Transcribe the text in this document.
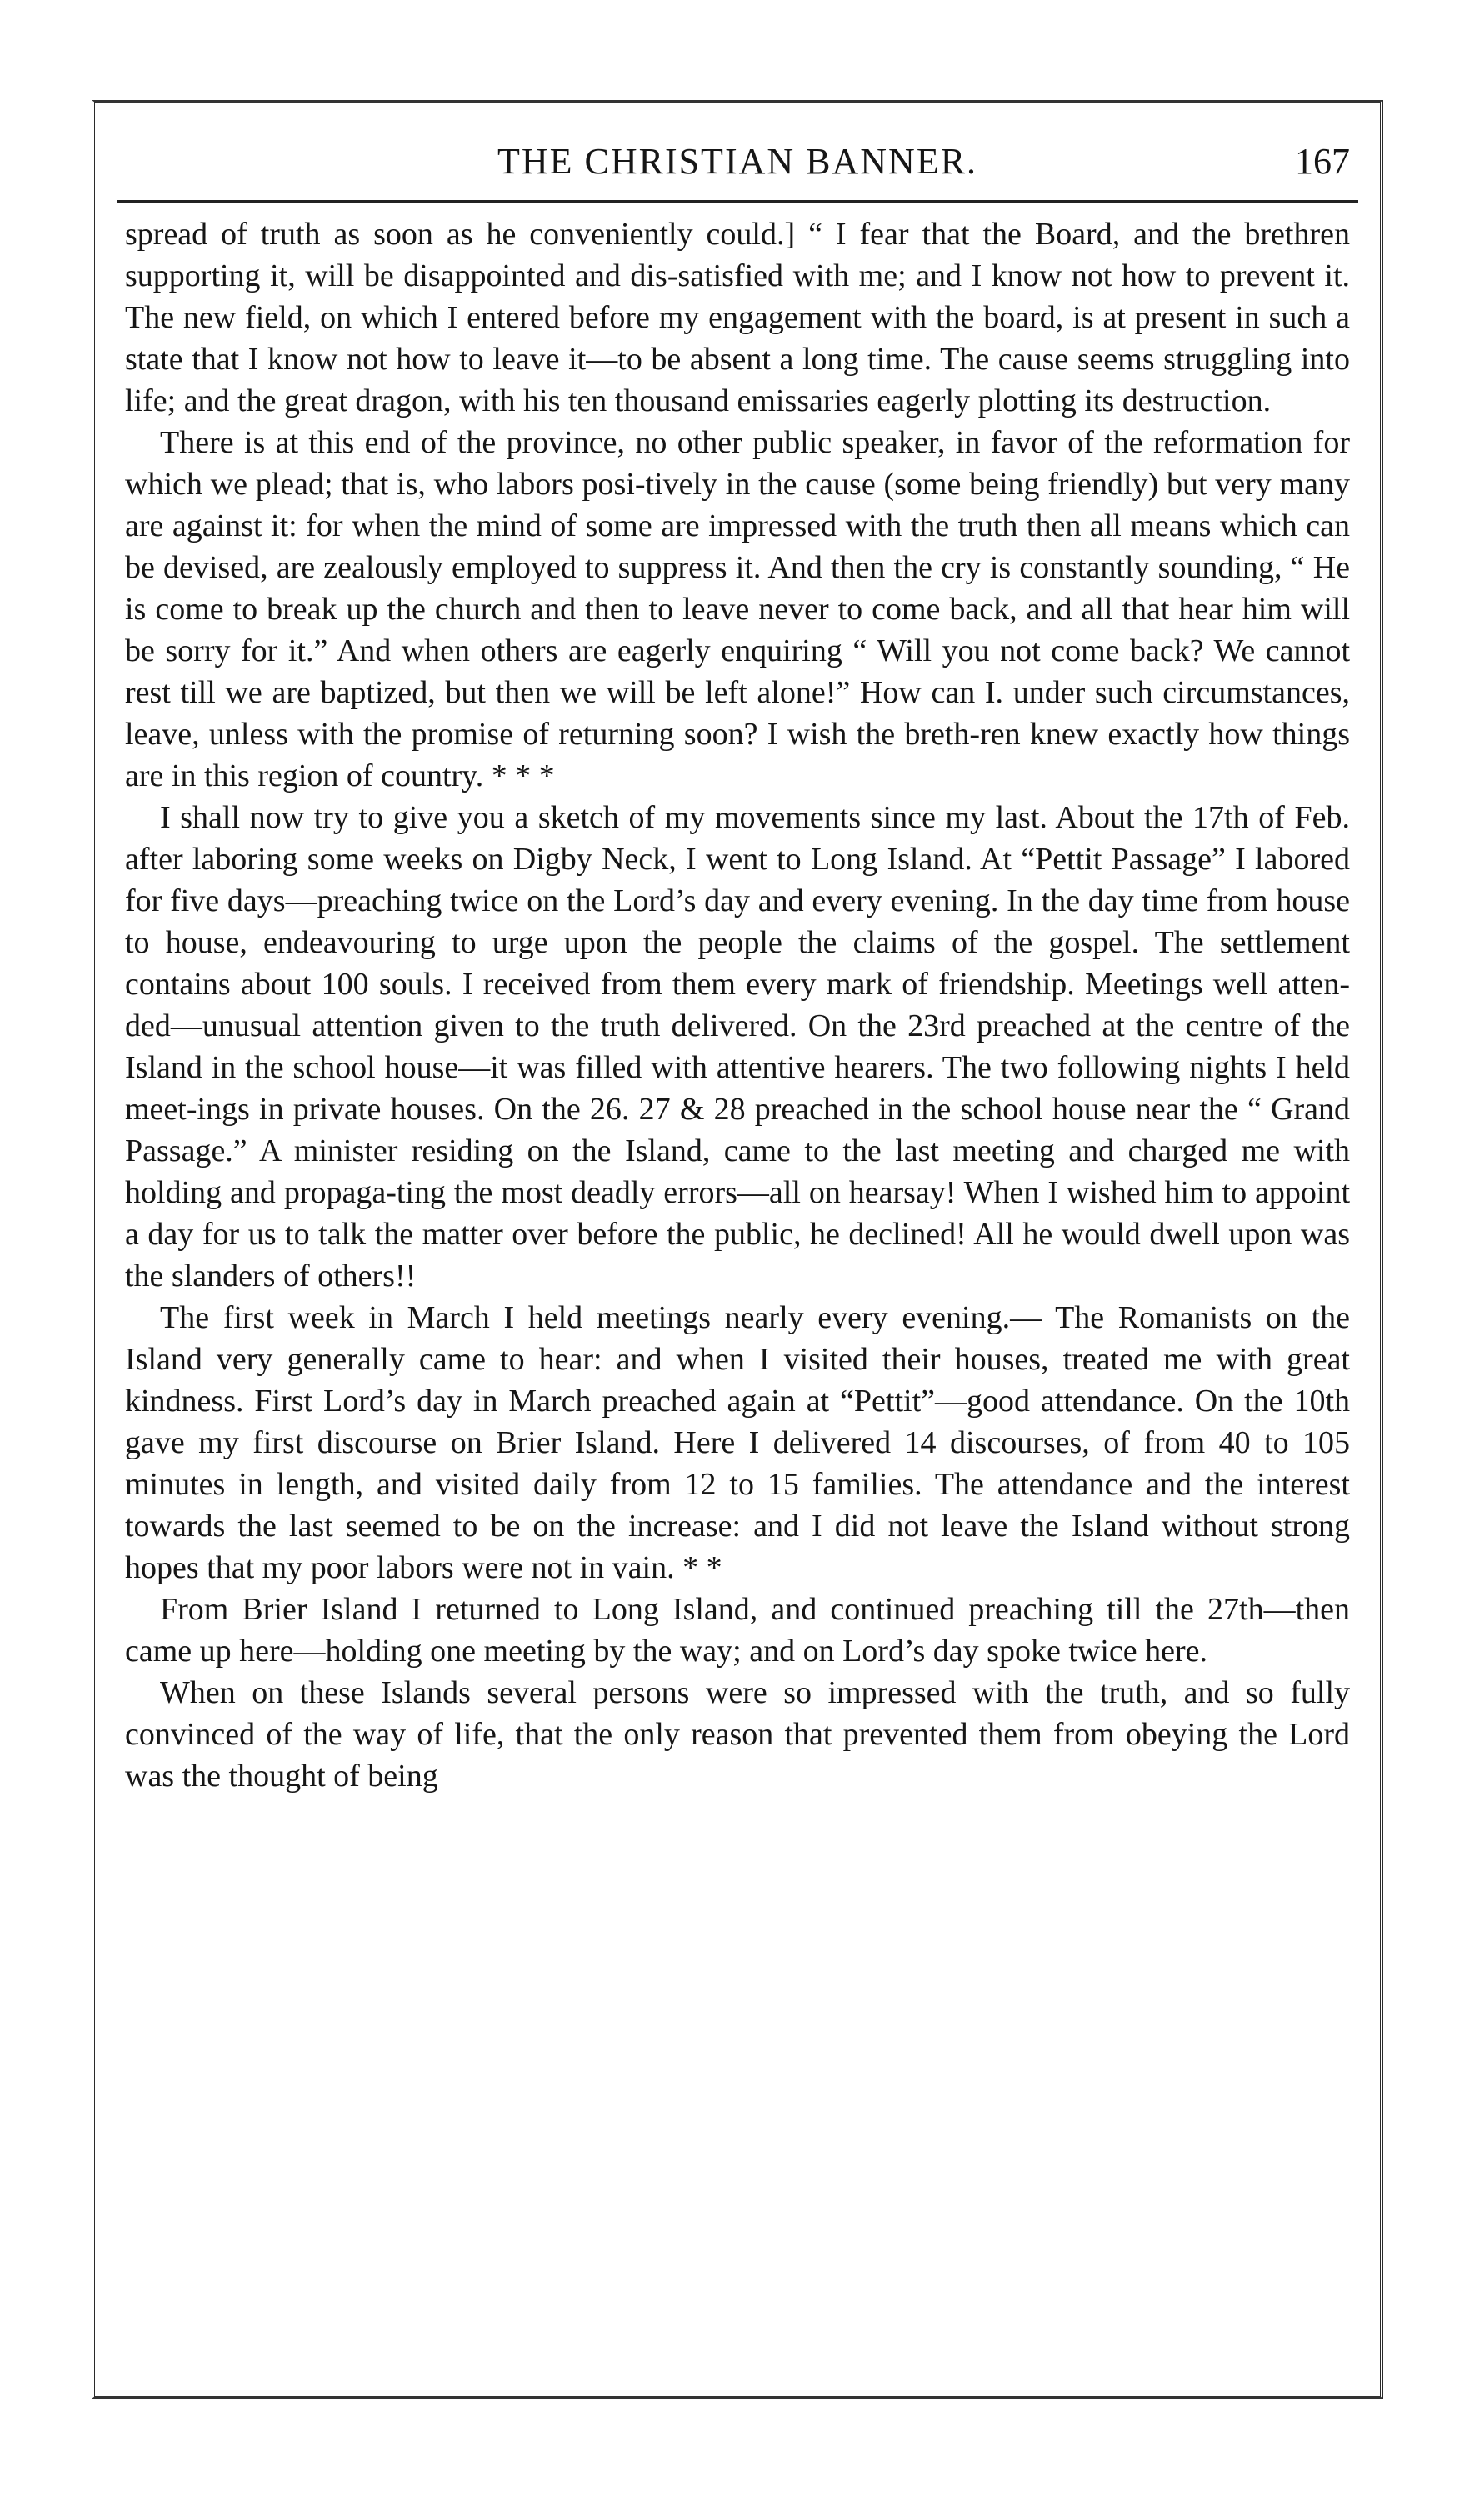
THE CHRISTIAN BANNER.	167

spread of truth as soon as he conveniently could.] “ I fear that the Board, and the brethren supporting it, will be disappointed and dis-satisfied with me; and I know not how to prevent it. The new field, on which I entered before my engagement with the board, is at present in such a state that I know not how to leave it—to be absent a long time. The cause seems struggling into life; and the great dragon, with his ten thousand emissaries eagerly plotting its destruction.

There is at this end of the province, no other public speaker, in favor of the reformation for which we plead; that is, who labors posi-tively in the cause (some being friendly) but very many are against it: for when the mind of some are impressed with the truth then all means which can be devised, are zealously employed to suppress it. And then the cry is constantly sounding, “ He is come to break up the church and then to leave never to come back, and all that hear him will be sorry for it.” And when others are eagerly enquiring “ Will you not come back? We cannot rest till we are baptized, but then we will be left alone!” How can I. under such circumstances, leave, unless with the promise of returning soon? I wish the breth-ren knew exactly how things are in this region of country. * * *

I shall now try to give you a sketch of my movements since my last. About the 17th of Feb. after laboring some weeks on Digby Neck, I went to Long Island. At “Pettit Passage” I labored for five days—preaching twice on the Lord’s day and every evening. In the day time from house to house, endeavouring to urge upon the people the claims of the gospel. The settlement contains about 100 souls. I received from them every mark of friendship. Meetings well atten-ded—unusual attention given to the truth delivered. On the 23rd preached at the centre of the Island in the school house—it was filled with attentive hearers. The two following nights I held meet-ings in private houses. On the 26. 27 & 28 preached in the school house near the “ Grand Passage.” A minister residing on the Island, came to the last meeting and charged me with holding and propaga-ting the most deadly errors—all on hearsay! When I wished him to appoint a day for us to talk the matter over before the public, he declined! All he would dwell upon was the slanders of others!!

The first week in March I held meetings nearly every evening.— The Romanists on the Island very generally came to hear: and when I visited their houses, treated me with great kindness. First Lord’s day in March preached again at “Pettit”—good attendance. On the 10th gave my first discourse on Brier Island. Here I delivered 14 discourses, of from 40 to 105 minutes in length, and visited daily from 12 to 15 families. The attendance and the interest towards the last seemed to be on the increase: and I did not leave the Island without strong hopes that my poor labors were not in vain. * *

From Brier Island I returned to Long Island, and continued preaching till the 27th—then came up here—holding one meeting by the way; and on Lord’s day spoke twice here.

When on these Islands several persons were so impressed with the truth, and so fully convinced of the way of life, that the only reason that prevented them from obeying the Lord was the thought of being
